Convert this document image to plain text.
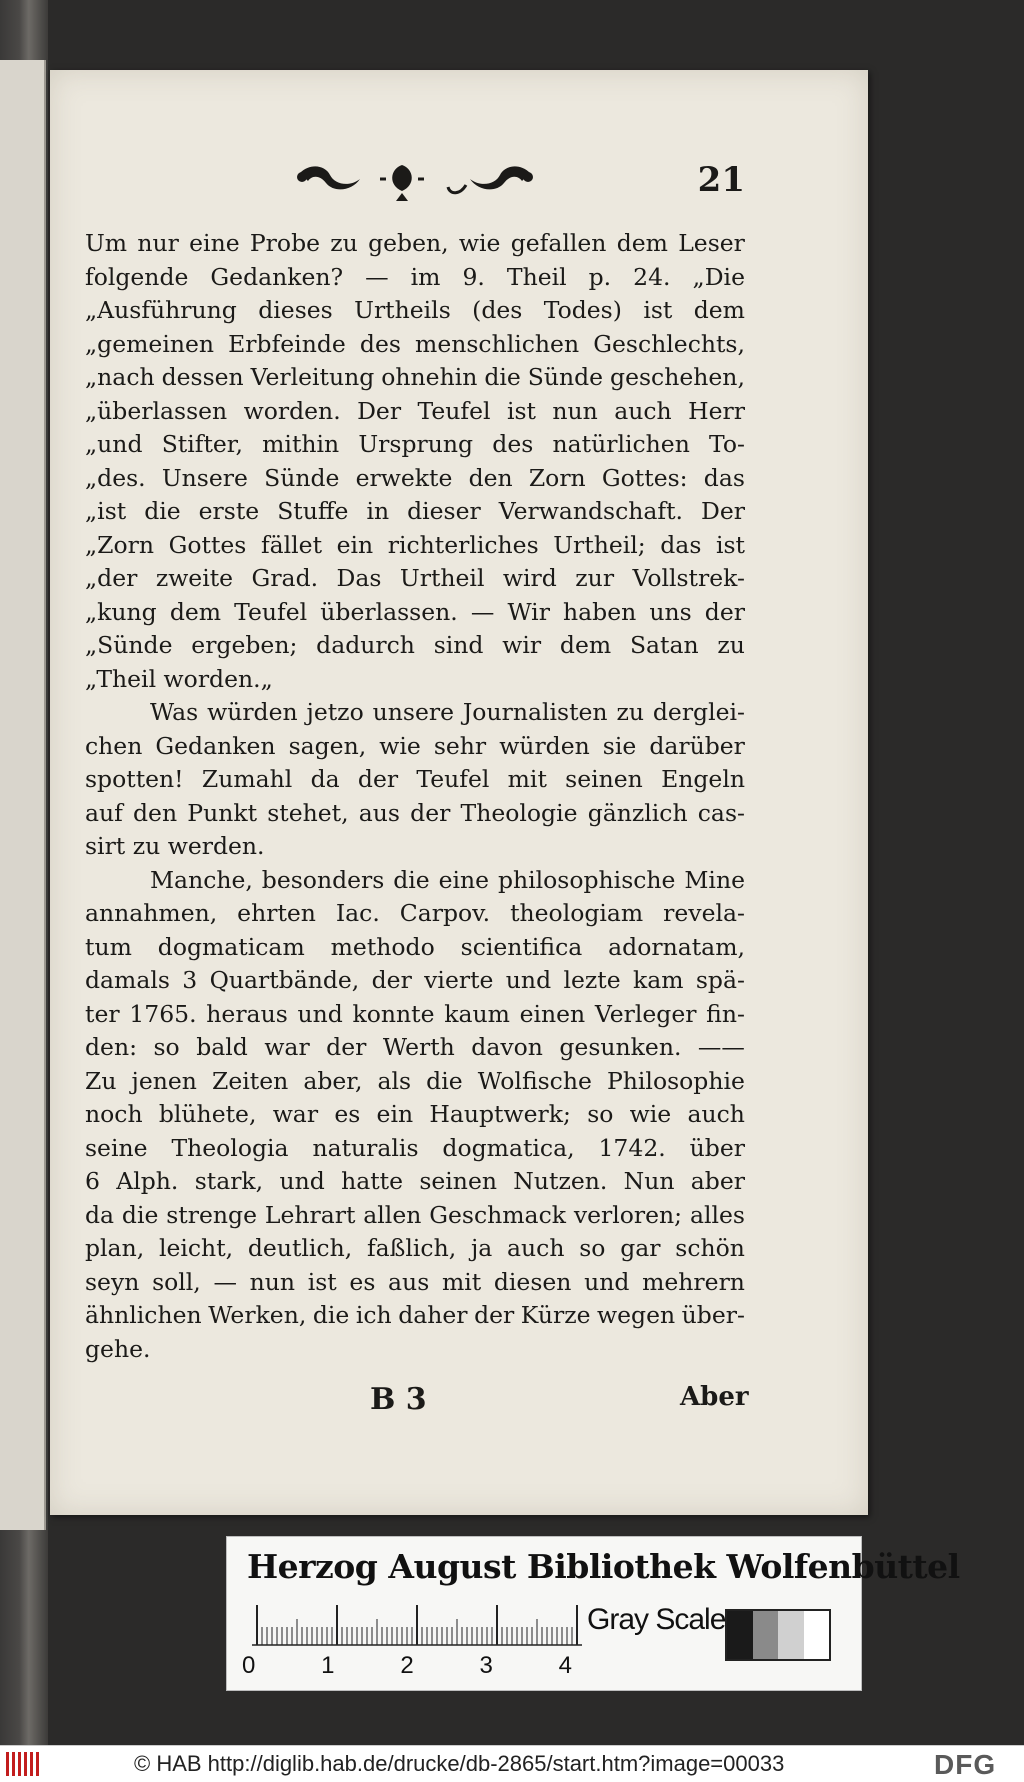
21
Um nur eine Probe zu geben, wie gefallen dem Leser
folgende Gedanken? — im 9. Theil p. 24. „Die
„Ausführung dieses Urtheils (des Todes) ist dem
„gemeinen Erbfeinde des menschlichen Geschlechts,
„nach dessen Verleitung ohnehin die Sünde geschehen,
„überlassen worden. Der Teufel ist nun auch Herr
„und Stifter, mithin Ursprung des natürlichen To-
„des. Unsere Sünde erwekte den Zorn Gottes: das
„ist die erste Stuffe in dieser Verwandschaft. Der
„Zorn Gottes fället ein richterliches Urtheil; das ist
„der zweite Grad. Das Urtheil wird zur Vollstrek-
„kung dem Teufel überlassen. — Wir haben uns der
„Sünde ergeben; dadurch sind wir dem Satan zu
„Theil worden.„
Was würden jetzo unsere Journalisten zu derglei-
chen Gedanken sagen, wie sehr würden sie darüber
spotten! Zumahl da der Teufel mit seinen Engeln
auf den Punkt stehet, aus der Theologie gänzlich cas-
sirt zu werden.
Manche, besonders die eine philosophische Mine
annahmen, ehrten Iac. Carpov. theologiam revela-
tum dogmaticam methodo scientifica adornatam,
damals 3 Quartbände, der vierte und lezte kam spä-
ter 1765. heraus und konnte kaum einen Verleger fin-
den: so bald war der Werth davon gesunken. ——
Zu jenen Zeiten aber, als die Wolfische Philosophie
noch blühete, war es ein Hauptwerk; so wie auch
seine Theologia naturalis dogmatica, 1742. über
6 Alph. stark, und hatte seinen Nutzen. Nun aber
da die strenge Lehrart allen Geschmack verloren; alles
plan, leicht, deutlich, faßlich, ja auch so gar schön
seyn soll, — nun ist es aus mit diesen und mehrern
ähnlichen Werken, die ich daher der Kürze wegen über-
gehe.
B 3	Aber
Herzog August Bibliothek Wolfenbüttel
0	1	2	3	4
Gray Scale
© HAB http://diglib.hab.de/drucke/db-2865/start.htm?image=00033	DFG
